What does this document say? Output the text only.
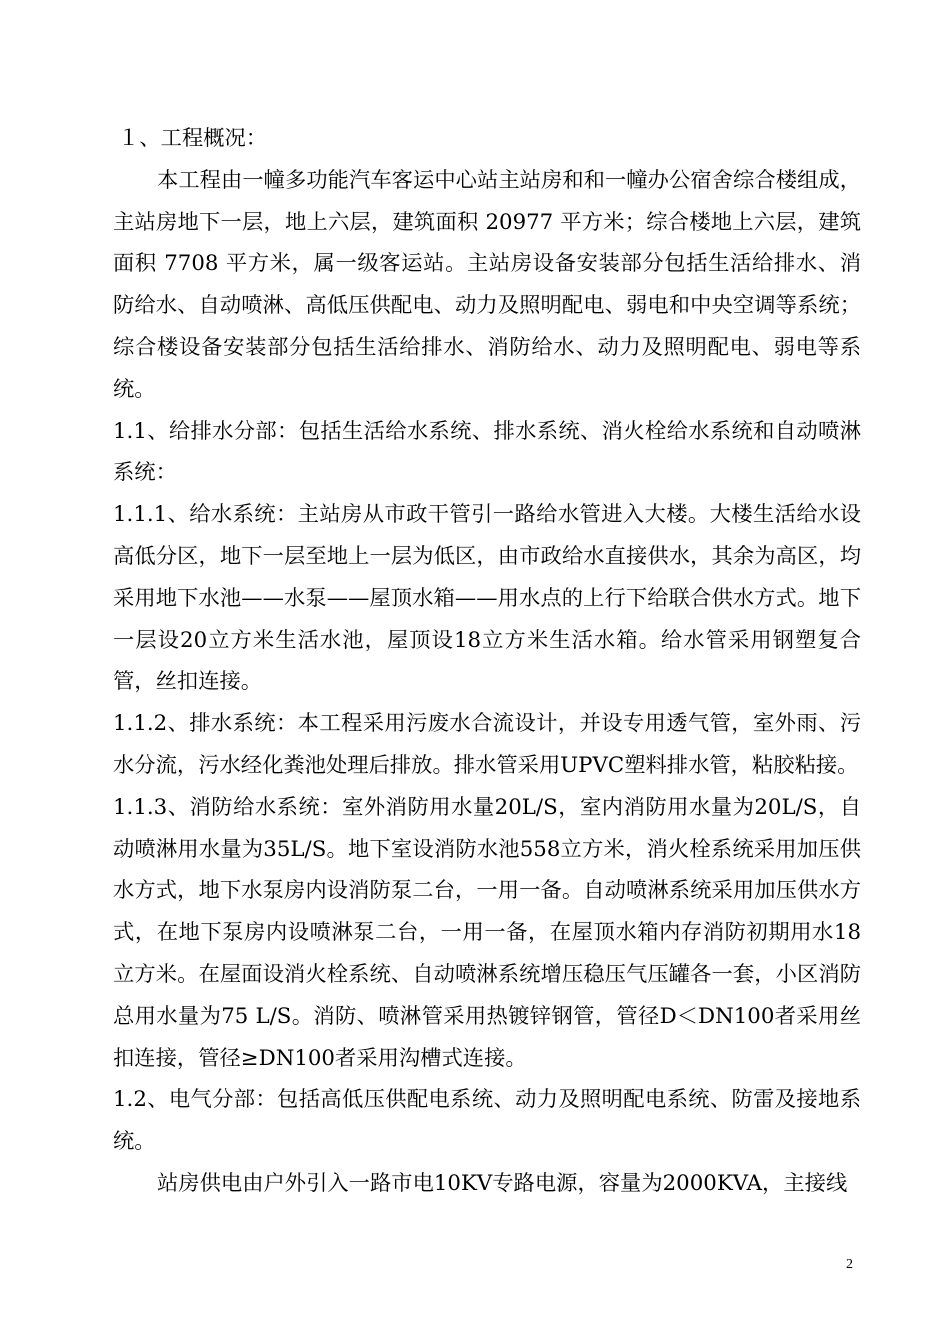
１、工程概况：

本工程由一幢多功能汽车客运中心站主站房和和一幢办公宿舍综合楼组成，主站房地下一层，地上六层，建筑面积 20977 平方米；综合楼地上六层，建筑面积 7708 平方米，属一级客运站。主站房设备安装部分包括生活给排水、消防给水、自动喷淋、高低压供配电、动力及照明配电、弱电和中央空调等系统；综合楼设备安装部分包括生活给排水、消防给水、动力及照明配电、弱电等系统。

1.1、给排水分部：包括生活给水系统、排水系统、消火栓给水系统和自动喷淋系统：

1.1.1、给水系统：主站房从市政干管引一路给水管进入大楼。大楼生活给水设高低分区，地下一层至地上一层为低区，由市政给水直接供水，其余为高区，均采用地下水池——水泵——屋顶水箱——用水点的上行下给联合供水方式。地下一层设20立方米生活水池，屋顶设18立方米生活水箱。给水管采用钢塑复合管，丝扣连接。

1.1.2、排水系统：本工程采用污废水合流设计，并设专用透气管，室外雨、污水分流，污水经化粪池处理后排放。排水管采用UPVC塑料排水管，粘胶粘接。

1.1.3、消防给水系统：室外消防用水量20L/S，室内消防用水量为20L/S，自动喷淋用水量为35L/S。地下室设消防水池558立方米，消火栓系统采用加压供水方式，地下水泵房内设消防泵二台，一用一备。自动喷淋系统采用加压供水方式，在地下泵房内设喷淋泵二台，一用一备，在屋顶水箱内存消防初期用水18立方米。在屋面设消火栓系统、自动喷淋系统增压稳压气压罐各一套，小区消防总用水量为75 L/S。消防、喷淋管采用热镀锌钢管，管径D＜DN100者采用丝扣连接，管径≥DN100者采用沟槽式连接。

1.2、电气分部：包括高低压供配电系统、动力及照明配电系统、防雷及接地系统。

站房供电由户外引入一路市电10KV专路电源，容量为2000KVA，主接线

2
